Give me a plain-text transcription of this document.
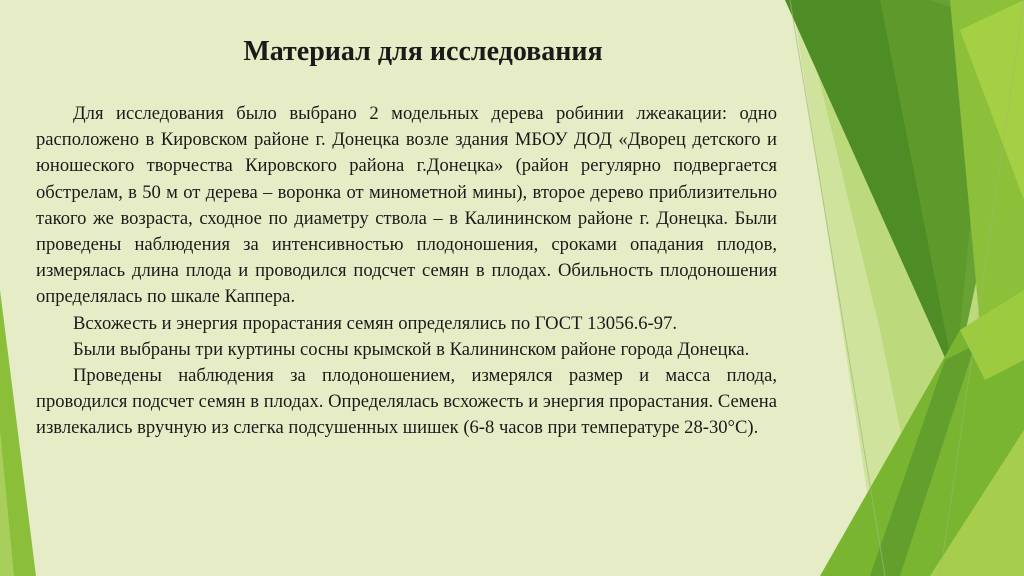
Материал для исследования

Для исследования было выбрано 2 модельных дерева робинии лжеакации: одно расположено в Кировском районе г. Донецка возле здания МБОУ ДОД «Дворец детского и юношеского творчества Кировского района г.Донецка» (район регулярно подвергается обстрелам, в 50 м от дерева – воронка от минометной мины), второе дерево приблизительно такого же возраста, сходное по диаметру ствола – в Калининском районе г. Донецка. Были проведены наблюдения за интенсивностью плодоношения, сроками опадания плодов, измерялась длина плода и проводился подсчет семян в плодах. Обильность плодоношения определялась по шкале Каппера.

Всхожесть и энергия прорастания семян определялись по ГОСТ 13056.6-97.

Были выбраны три куртины сосны крымской в Калининском районе города Донецка.

Проведены наблюдения за плодоношением, измерялся размер и масса плода, проводился подсчет семян в плодах. Определялась всхожесть и энергия прорастания. Семена извлекались вручную из слегка подсушенных шишек (6-8 часов при температуре 28-30°С).
